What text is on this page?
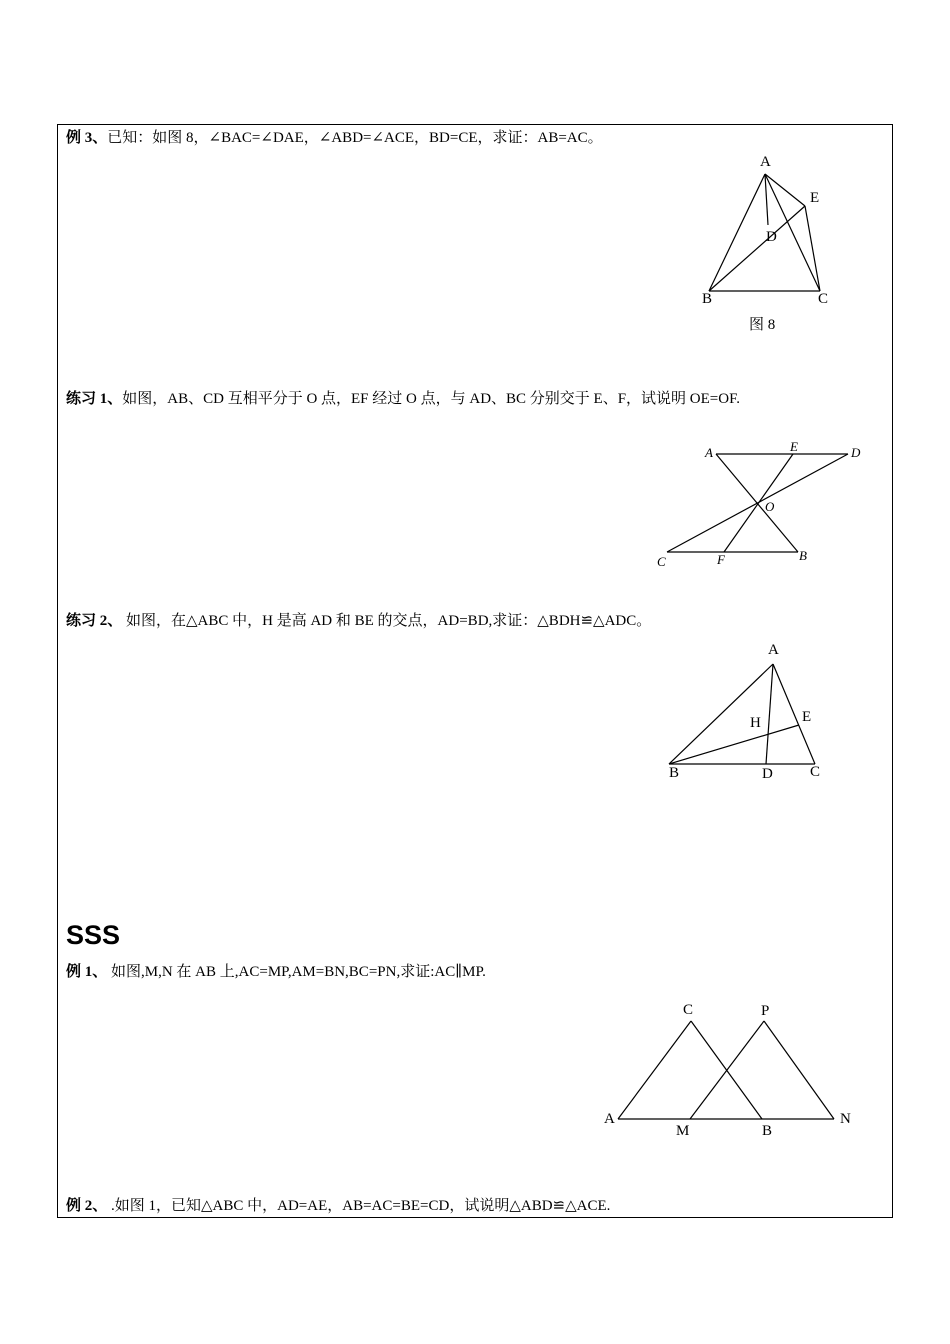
例 3、已知：如图 8，∠BAC=∠DAE，∠ABD=∠ACE，BD=CE，求证：AB=AC。
A
E
D
B	C
图 8
练习 1、如图，AB、CD 互相平分于 O 点，EF 经过 O 点，与 AD、BC 分别交于 E、F，试说明 OE=OF.
A	E	D
O
C	F	B
练习 2、 如图，在△ABC 中，H 是高 AD 和 BE 的交点，AD=BD,求证：△BDH≌△ADC。
A
H	E
B	D C
SSS
例 1、 如图,M,N 在 AB 上,AC=MP,AM=BN,BC=PN,求证:AC∥MP.
C	P
A
M	B
N
例 2、 .如图 1，已知△ABC 中，AD=AE，AB=AC=BE=CD，试说明△ABD≌△ACE.
